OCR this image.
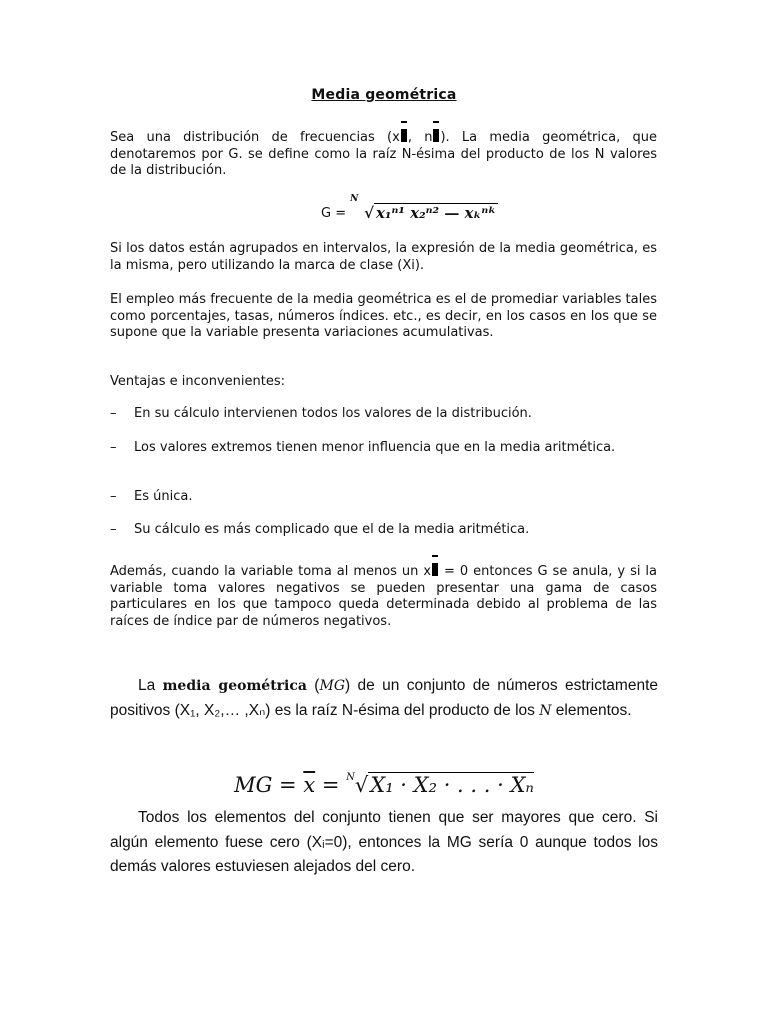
Media geométrica
Sea una distribución de frecuencias (x , n ). La media geométrica, que denotaremos por G. se define como la raíz N-ésima del producto de los N valores de la distribución.
G =
N
√ x₁ⁿ¹ x₂ⁿ² — xₖⁿᵏ
Si los datos están agrupados en intervalos, la expresión de la media geométrica, es la misma, pero utilizando la marca de clase (Xi).
El empleo más frecuente de la media geométrica es el de promediar variables tales como porcentajes, tasas, números índices. etc., es decir, en los casos en los que se supone que la variable presenta variaciones acumulativas.
Ventajas e inconvenientes:
–	En su cálculo intervienen todos los valores de la distribución.
–	Los valores extremos tienen menor influencia que en la media aritmética.
–	Es única.
–	Su cálculo es más complicado que el de la media aritmética.
Además, cuando la variable toma al menos un x = 0 entonces G se anula, y si la variable toma valores negativos se pueden presentar una gama de casos particulares en los que tampoco queda determinada debido al problema de las raíces de índice par de números negativos.
La media geométrica (MG) de un conjunto de números estrictamente positivos (X₁, X₂,… ,Xₙ) es la raíz N-ésima del producto de los N elementos.
MG = $\overline{x} = ^N√X_1 \cdot X_2$ · . . . · Xₙ
Todos los elementos del conjunto tienen que ser mayores que cero. Si algún elemento fuese cero (Xᵢ=0), entonces la MG sería 0 aunque todos los demás valores estuviesen alejados del cero.
